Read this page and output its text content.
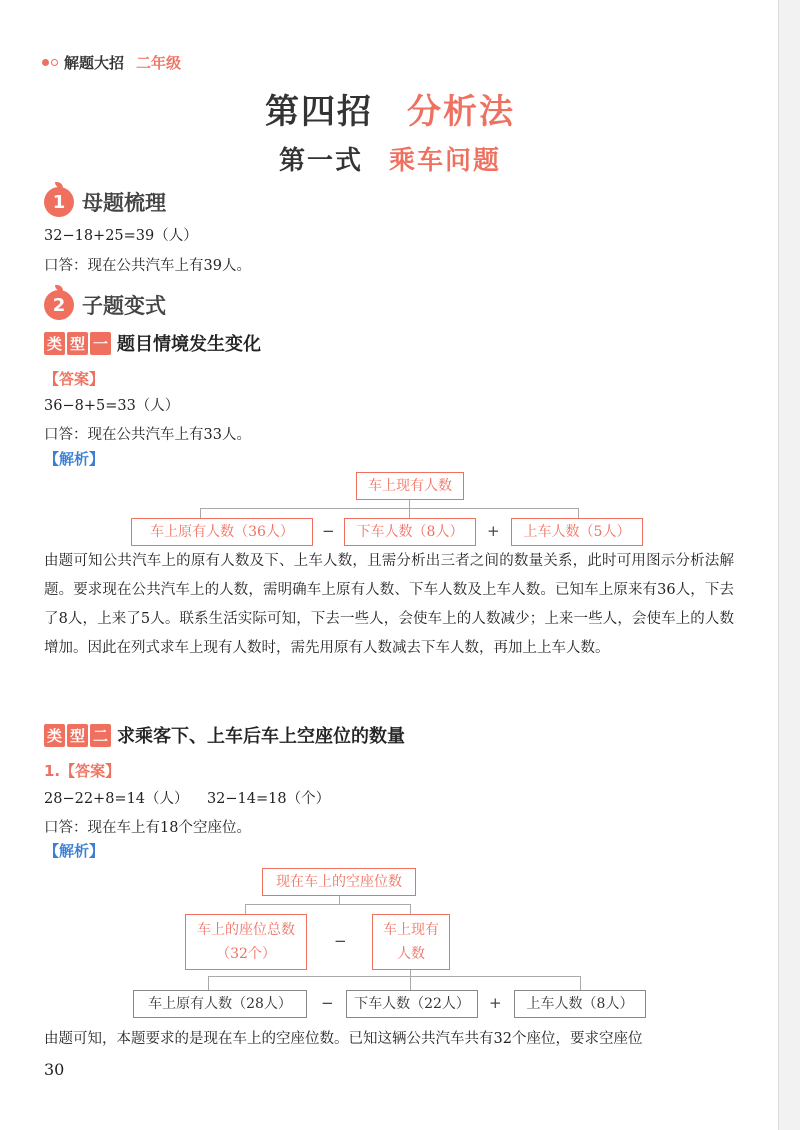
解题大招 二年级
第四招 分析法
第一式 乘车问题
1 母题梳理
32−18+25=39（人）
口答：现在公共汽车上有39人。
2 子题变式
类 型 一 题目情境发生变化
【答案】
36−8+5=33（人）
口答：现在公共汽车上有33人。
【解析】
车上现有人数
车上原有人数（36人）	−	下车人数（8人）	+	上车人数（5人）
由题可知公共汽车上的原有人数及下、上车人数，且需分析出三者之间的数量关系，此时可用图示分析法解题。要求现在公共汽车上的人数，需明确车上原有人数、下车人数及上车人数。已知车上原来有36人，下去了8人，上来了5人。联系生活实际可知，下去一些人，会使车上的人数减少；上来一些人，会使车上的人数增加。因此在列式求车上现有人数时，需先用原有人数减去下车人数，再加上上车人数。
类 型 二 求乘客下、上车后车上空座位的数量
1.【答案】
28−22+8=14（人）    32−14=18（个）
口答：现在车上有18个空座位。
【解析】
现在车上的空座位数
车上的座位总数
（32个）
−
车上现有
人数
车上原有人数（28人）	−	下车人数（22人）	+	上车人数（8人）
由题可知，本题要求的是现在车上的空座位数。已知这辆公共汽车共有32个座位，要求空座位
30
